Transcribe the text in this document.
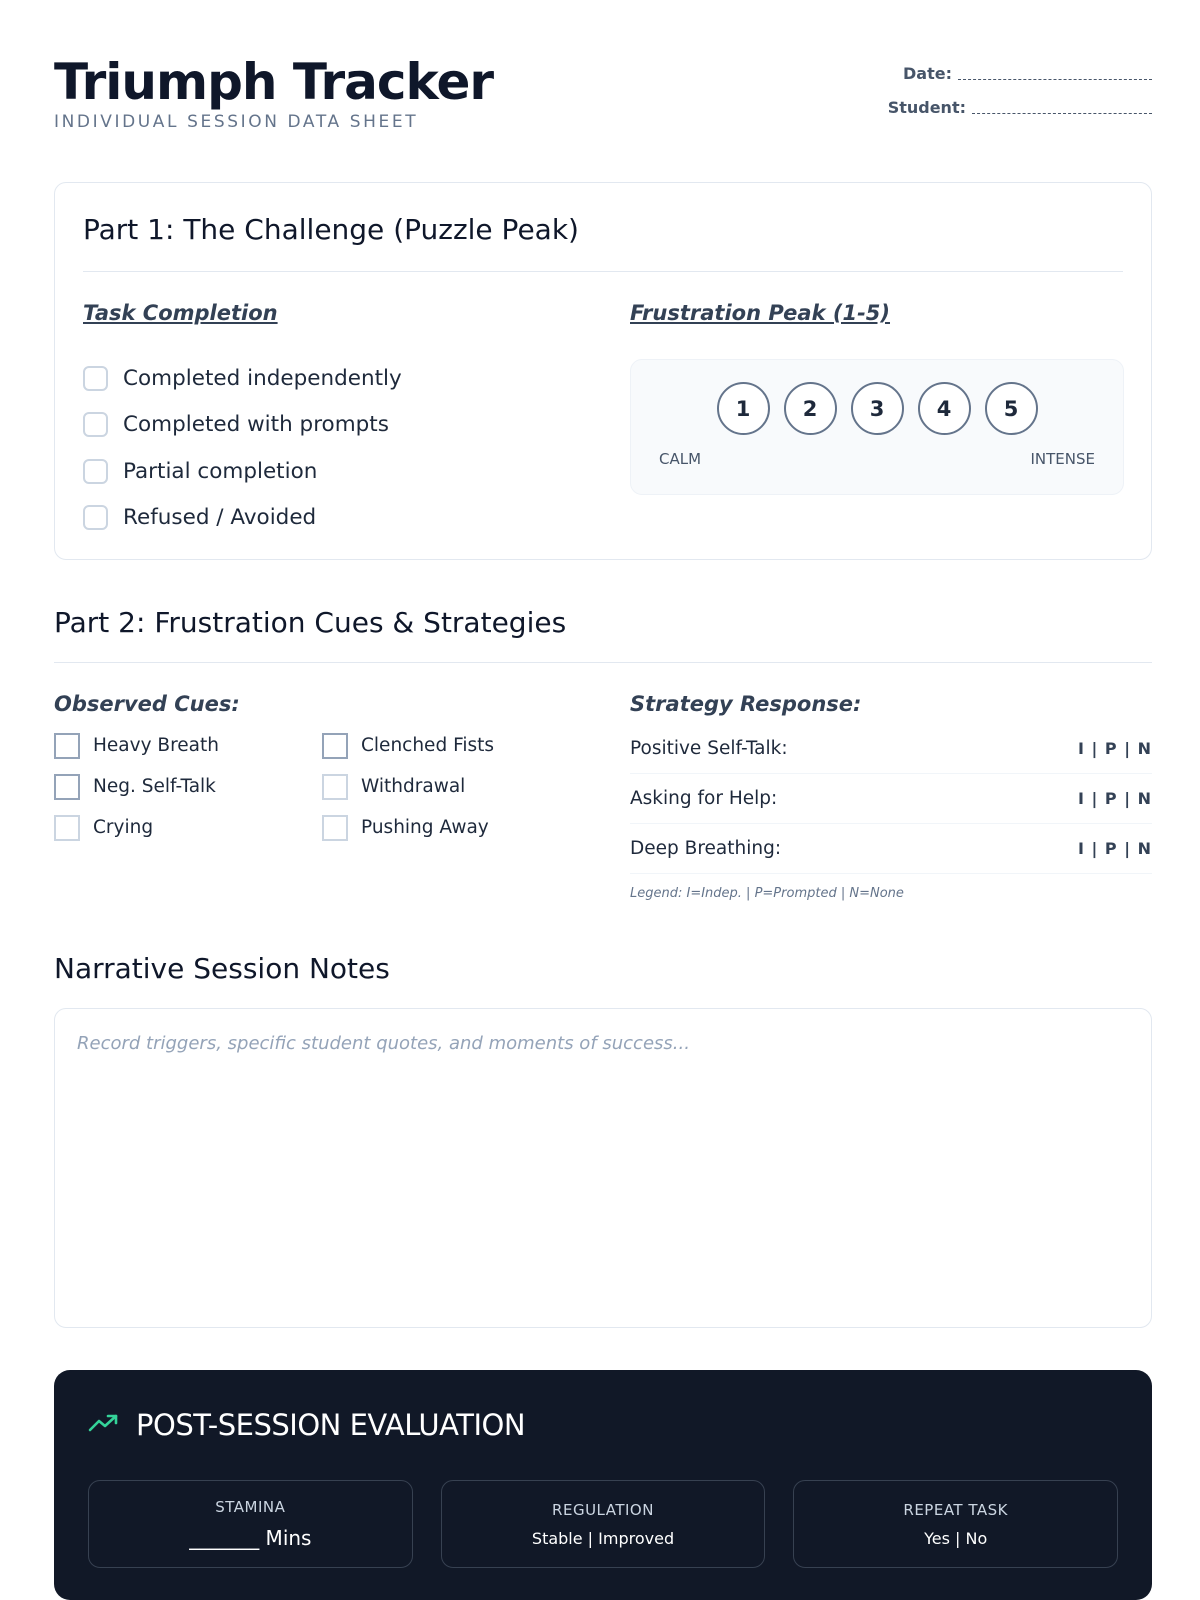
Triumph Tracker
INDIVIDUAL SESSION DATA SHEET
Date:
Student:
Part 1: The Challenge (Puzzle Peak)
Task Completion
Completed independently
Completed with prompts
Partial completion
Refused / Avoided
Frustration Peak (1-5)
1	2	3	4	5
CALM	INTENSE
Part 2: Frustration Cues & Strategies
Observed Cues:
Heavy Breath	Clenched Fists
Neg. Self-Talk	Withdrawal
Crying	Pushing Away
Strategy Response:
Positive Self-Talk:	I | P | N
Asking for Help:	I | P | N
Deep Breathing:	I | P | N
Legend: I=Indep. | P=Prompted | N=None
Narrative Session Notes
Record triggers, specific student quotes, and moments of success...
POST-SESSION EVALUATION
STAMINA
_______ Mins
REGULATION
Stable | Improved
REPEAT TASK
Yes | No
